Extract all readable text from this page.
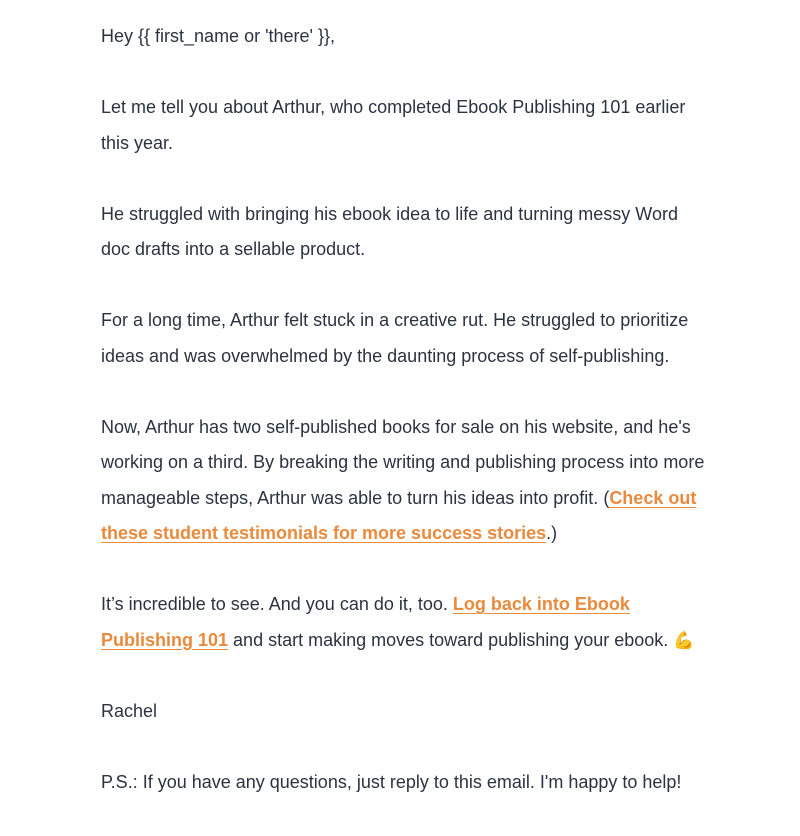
Hey {{ first_name or 'there' }},

Let me tell you about Arthur, who completed Ebook Publishing 101 earlier this year.

He struggled with bringing his ebook idea to life and turning messy Word doc drafts into a sellable product.

For a long time, Arthur felt stuck in a creative rut. He struggled to prioritize ideas and was overwhelmed by the daunting process of self-publishing.

Now, Arthur has two self-published books for sale on his website, and he's working on a third. By breaking the writing and publishing process into more manageable steps, Arthur was able to turn his ideas into profit. (Check out these student testimonials for more success stories.)

It’s incredible to see. And you can do it, too. Log back into Ebook Publishing 101 and start making moves toward publishing your ebook. 💪

Rachel

P.S.: If you have any questions, just reply to this email. I'm happy to help!
